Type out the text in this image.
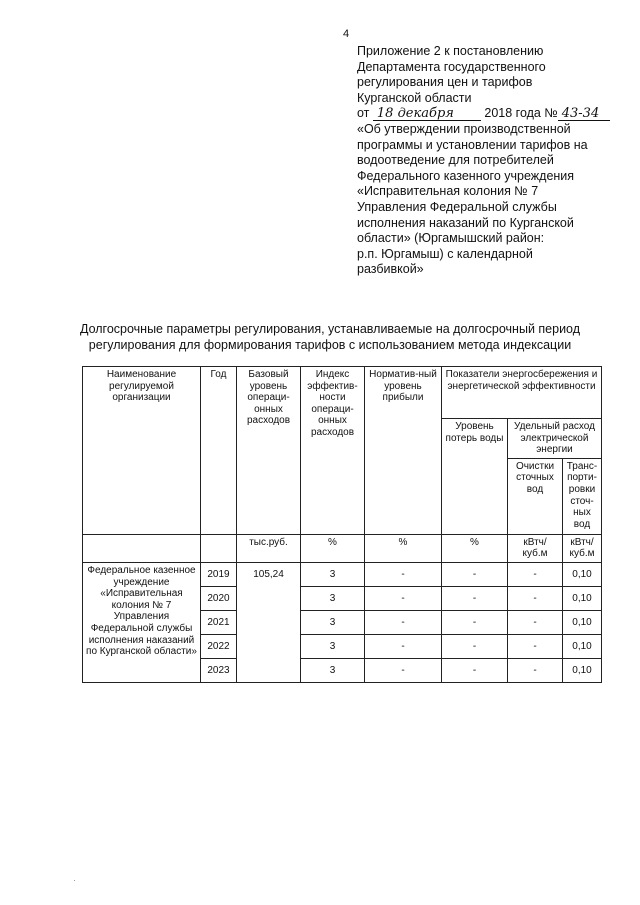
4
Приложение 2 к постановлению
Департамента государственного
регулирования цен и тарифов
Курганской области
от 18 декабря 2018 года № 43-34
«Об утверждении производственной
программы и установлении тарифов на
водоотведение для потребителей
Федерального казенного учреждения
«Исправительная колония № 7
Управления Федеральной службы
исполнения наказаний по Курганской
области» (Юргамышский район:
р.п. Юргамыш) с календарной
разбивкой»
Долгосрочные параметры регулирования, устанавливаемые на долгосрочный период
регулирования для формирования тарифов с использованием метода индексации
Наименование регулируемой организации	Год	Базовый уровень операци-онных расходов	Индекс эффектив-ности операци-онных расходов	Норматив-ный уровень прибыли	Показатели энергосбережения и энергетической эффективности		
					Уровень потерь воды	Удельный расход электрической энергии	
						Очистки сточных вод	Транс-порти-ровки сточ-ных вод
		тыс.руб.	%	%	%	кВтч/ куб.м	кВтч/ куб.м
Федеральное казенное учреждение «Исправительная колония № 7 Управления Федеральной службы исполнения наказаний по Курганской области»	2019	105,24	3	-	-	-	0,10
	2020		3	-	-	-	0,10
	2021		3	-	-	-	0,10
	2022		3	-	-	-	0,10
	2023		3	-	-	-	0,10
